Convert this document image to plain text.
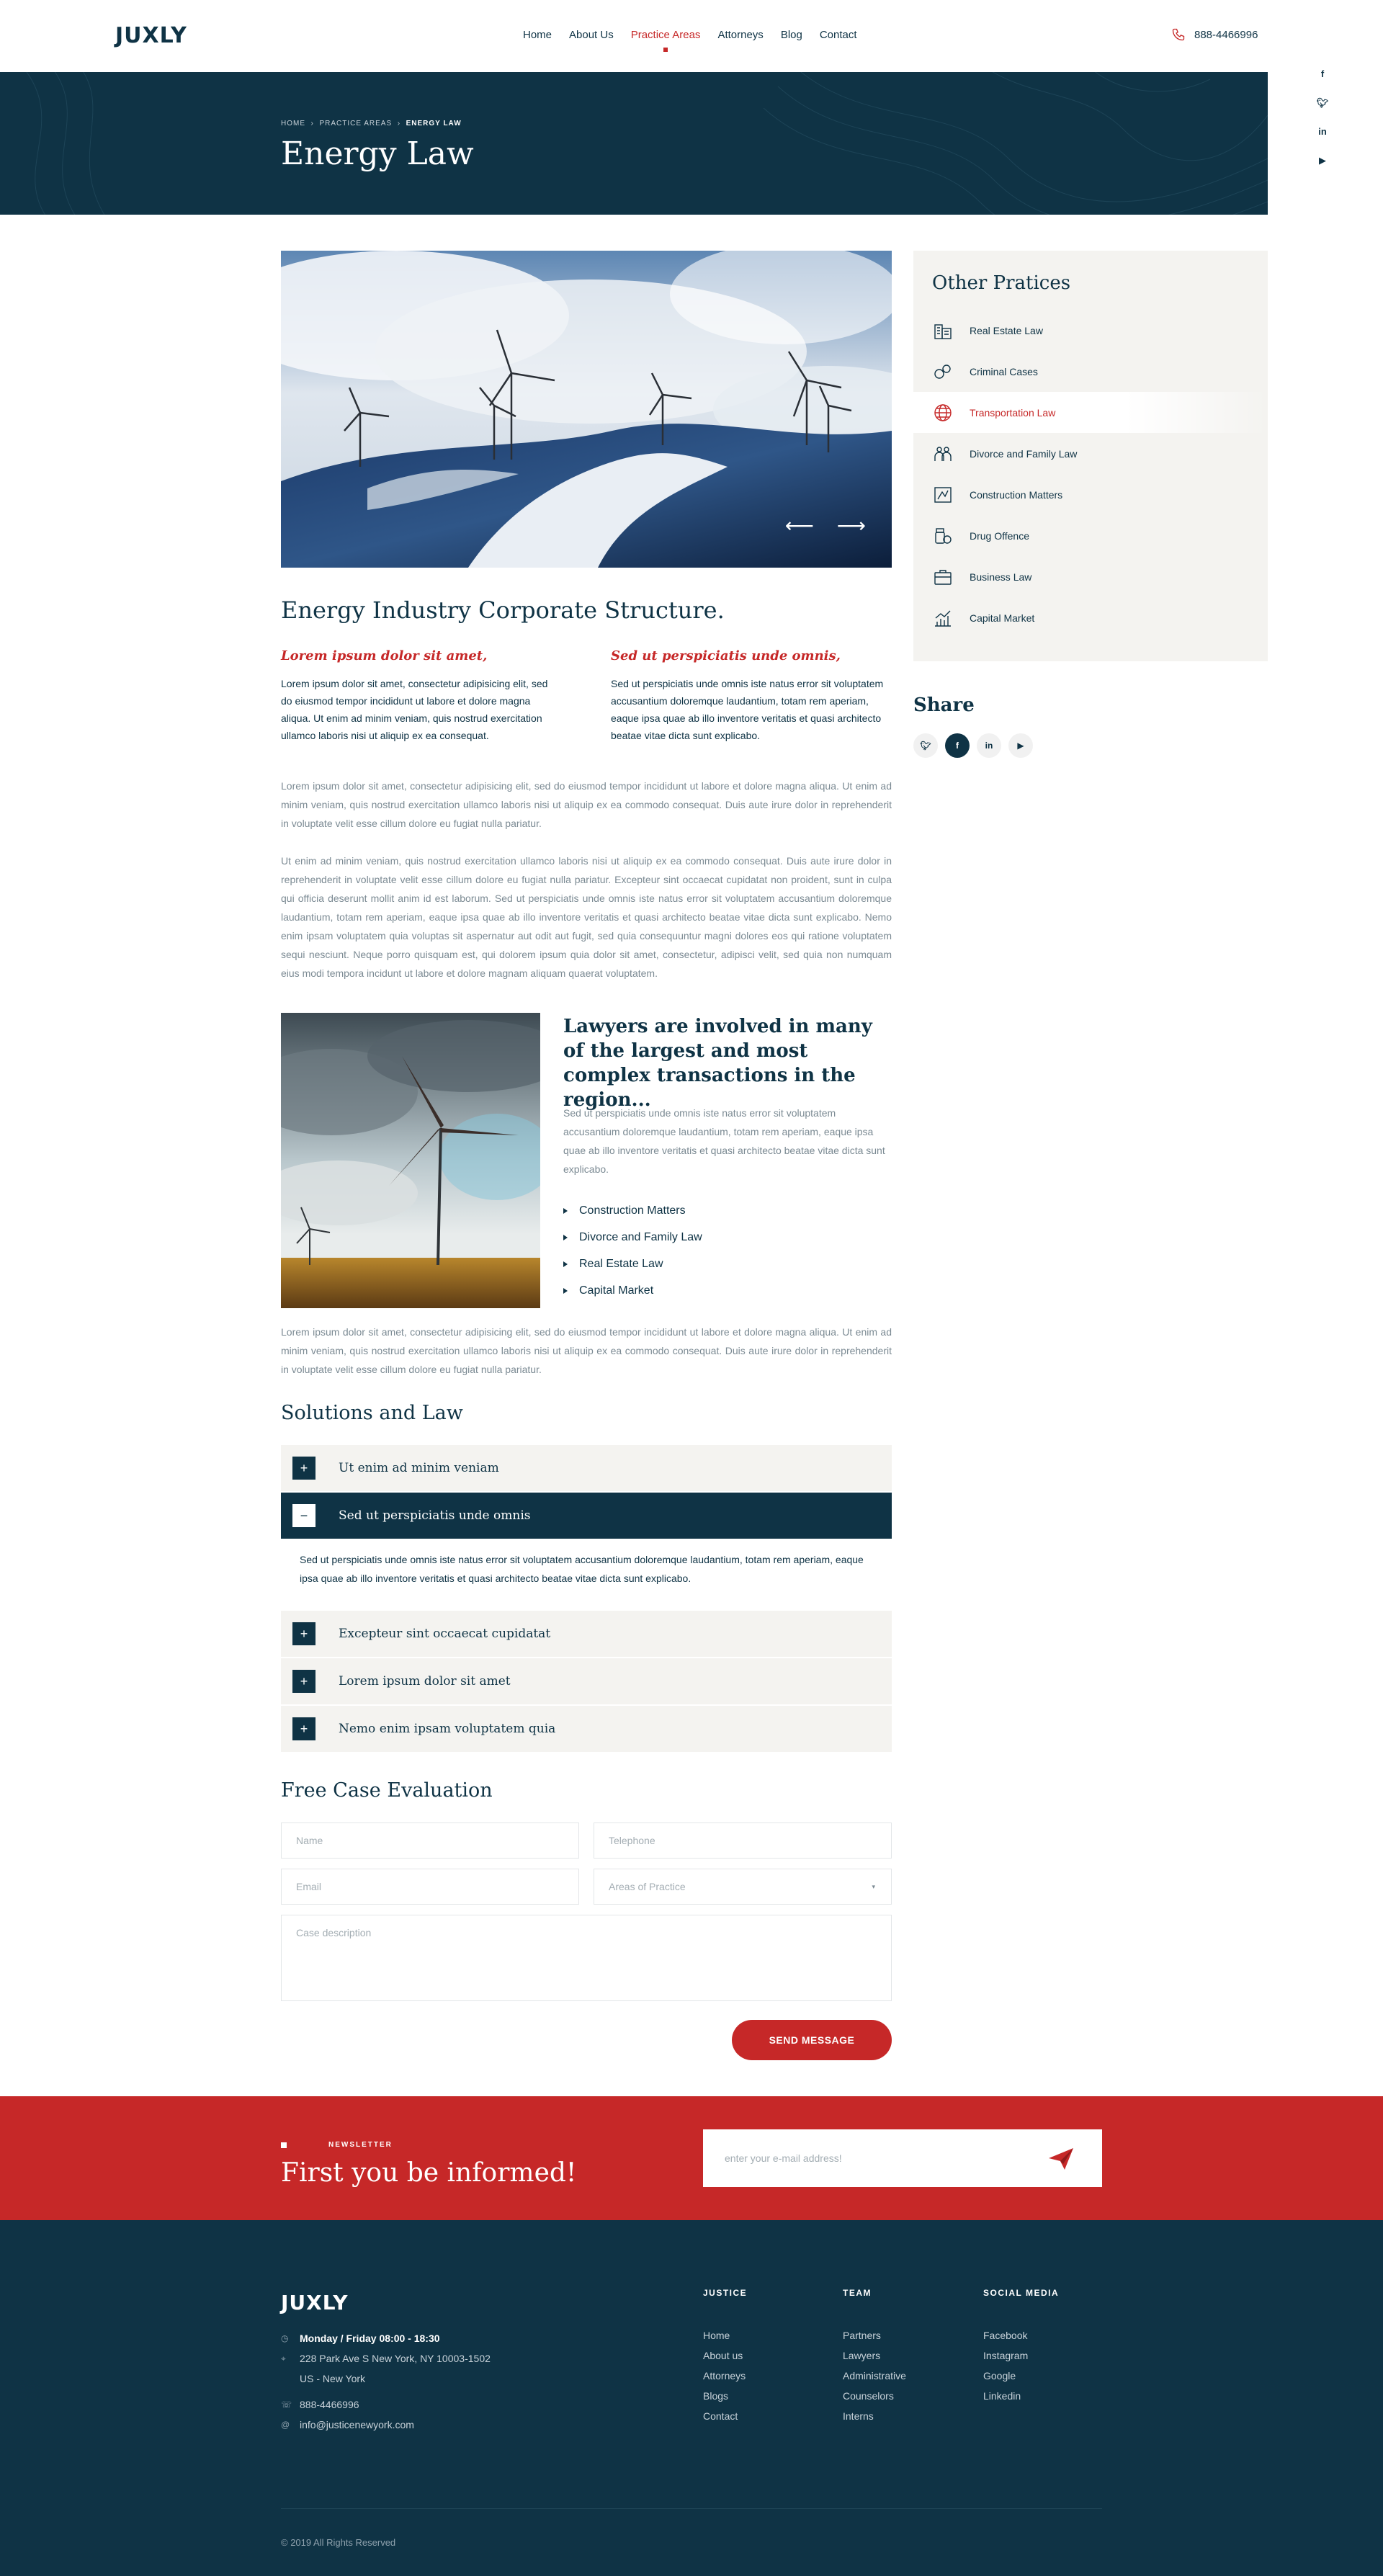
JUXLY	Home About Us Practice Areas Attorneys Blog Contact	888-4466996
f
🐦︎
in
▶
HOME  ›  PRACTICE AREAS  ›  ENERGY LAW
Energy Law
⟵ ⟶
Energy Industry Corporate Structure.
Lorem ipsum dolor sit amet,

Lorem ipsum dolor sit amet, consectetur adipisicing elit, sed do eiusmod tempor incididunt ut labore et dolore magna aliqua. Ut enim ad minim veniam, quis nostrud exercitation ullamco laboris nisi ut aliquip ex ea consequat.

Sed ut perspiciatis unde omnis,

Sed ut perspiciatis unde omnis iste natus error sit voluptatem accusantium doloremque laudantium, totam rem aperiam, eaque ipsa quae ab illo inventore veritatis et quasi architecto beatae vitae dicta sunt explicabo.

Lorem ipsum dolor sit amet, consectetur adipisicing elit, sed do eiusmod tempor incididunt ut labore et dolore magna aliqua. Ut enim ad minim veniam, quis nostrud exercitation ullamco laboris nisi ut aliquip ex ea commodo consequat. Duis aute irure dolor in reprehenderit in voluptate velit esse cillum dolore eu fugiat nulla pariatur.

Ut enim ad minim veniam, quis nostrud exercitation ullamco laboris nisi ut aliquip ex ea commodo consequat. Duis aute irure dolor in reprehenderit in voluptate velit esse cillum dolore eu fugiat nulla pariatur. Excepteur sint occaecat cupidatat non proident, sunt in culpa qui officia deserunt mollit anim id est laborum. Sed ut perspiciatis unde omnis iste natus error sit voluptatem accusantium doloremque laudantium, totam rem aperiam, eaque ipsa quae ab illo inventore veritatis et quasi architecto beatae vitae dicta sunt explicabo. Nemo enim ipsam voluptatem quia voluptas sit aspernatur aut odit aut fugit, sed quia consequuntur magni dolores eos qui ratione voluptatem sequi nesciunt. Neque porro quisquam est, qui dolorem ipsum quia dolor sit amet, consectetur, adipisci velit, sed quia non numquam eius modi tempora incidunt ut labore et dolore magnam aliquam quaerat voluptatem.

Lawyers are involved in many of the largest and most complex transactions in the region...

Sed ut perspiciatis unde omnis iste natus error sit voluptatem accusantium doloremque laudantium, totam rem aperiam, eaque ipsa quae ab illo inventore veritatis et quasi architecto beatae vitae dicta sunt explicabo.

Construction Matters
Divorce and Family Law
Real Estate Law
Capital Market

Lorem ipsum dolor sit amet, consectetur adipisicing elit, sed do eiusmod tempor incididunt ut labore et dolore magna aliqua. Ut enim ad minim veniam, quis nostrud exercitation ullamco laboris nisi ut aliquip ex ea commodo consequat. Duis aute irure dolor in reprehenderit in voluptate velit esse cillum dolore eu fugiat nulla pariatur.

Solutions and Law
+	Ut enim ad minim veniam
−	Sed ut perspiciatis unde omnis
Sed ut perspiciatis unde omnis iste natus error sit voluptatem accusantium doloremque laudantium, totam rem aperiam, eaque ipsa quae ab illo inventore veritatis et quasi architecto beatae vitae dicta sunt explicabo.
+	Excepteur sint occaecat cupidatat
+	Lorem ipsum dolor sit amet
+	Nemo enim ipsam voluptatem quia
Free Case Evaluation
Name	Telephone
Email	Areas of Practice	▾
Case description
SEND MESSAGE
Other Pratices
Real Estate Law
Criminal Cases
Transportation Law
Divorce and Family Law
Construction Matters
Drug Offence
Business Law
Capital Market
Share
🐦︎	f	in	▶
NEWSLETTER
First you be informed!	enter your e-mail address!
JUXLY
◷ Monday / Friday 08:00 - 18:30
⌖	228 Park Ave S New York, NY 10003-1502
US - New York
☏ 888-4466996
@ info@justicenewyork.com
JUSTICE
Home
About us
Attorneys
Blogs
Contact
TEAM
Partners
Lawyers
Administrative
Counselors
Interns
SOCIAL MEDIA
Facebook
Instagram
Google
Linkedin
© 2019 All Rights Reserved
